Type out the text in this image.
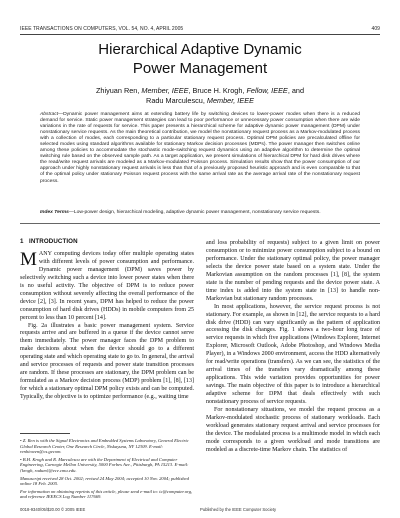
IEEE TRANSACTIONS ON COMPUTERS, VOL. 54, NO. 4, APRIL 2005	409
Hierarchical Adaptive Dynamic
Power Management
Zhiyuan Ren, Member, IEEE, Bruce H. Krogh, Fellow, IEEE, and
Radu Marculescu, Member, IEEE
Abstract—Dynamic power management aims at extending battery life by switching devices to lower-power modes when there is a reduced demand for service. Static power management strategies can lead to poor performance or unnecessary power consumption when there are wide variations in the rate of requests for service. This paper presents a hierarchical scheme for adaptive dynamic power management (DPM) under nonstationary service requests. As the main theoretical contribution, we model the nonstationary request process as a Markov-modulated process with a collection of modes, each corresponding to a particular stationary request process. Optimal DPM policies are precalculated offline for selected modes using standard algorithms available for stationary Markov decision processes (MDPs). The power manager then switches online among these policies to accommodate the stochastic mode-switching request dynamics using an adaptive algorithm to determine the optimal switching rule based on the observed sample path. As a target application, we present simulations of hierarchical DPM for hard disk drives where the read/write request arrivals are modeled as a Markov-modulated Poisson process. Simulation results show that the power consumption of our approach under highly nonstationary request arrivals is less than that of a previously proposed heuristic approach and is even comparable to that of the optimal policy under stationary Poisson request process with the same arrival rate as the average arrival rate of the nonstationary request process.
Index Terms—Low-power design, hierarchical modeling, adaptive dynamic power management, nonstationary service requests.
1 INTRODUCTION

MANY computing devices today offer multiple operating states with different levels of power consumption and performance. Dynamic power management (DPM) saves power by selectively switching such a device into lower power states when there is no useful activity. The objective of DPM is to reduce power consumption without severely affecting the overall performance of the device [2], [3]. In recent years, DPM has helped to reduce the power consumption of hard disk drives (HDDs) in mobile computers from 25 percent to less than 10 percent [14].

Fig. 2a illustrates a basic power management system. Service requests arrive and are buffered in a queue if the device cannot serve them immediately. The power manager faces the DPM problem to make decisions about when the device should go to a different operating state and which operating state to go to. In general, the arrival and service processes of requests and power state transition processes are random. If these processes are stationary, the DPM problem can be formulated as a Markov decision process (MDP) problem [1], [8], [13] for which a stationary optimal DPM policy exists and can be computed. Typically, the objective is to optimize performance (e.g., waiting time

and loss probability of requests) subject to a given limit on power consumption or to minimize power consumption subject to a bound on performance. Under the stationary optimal policy, the power manager selects the device power state based on a system state. Under the Markovian assumption on the random processes [1], [8], the system state is the number of pending requests and the device power state. A time index is added into the system state in [13] to handle non-Markovian but stationary random processes.

In most applications, however, the service request process is not stationary. For example, as shown in [12], the service requests to a hard disk drive (HDD) can vary significantly as the pattern of application accessing the disk changes. Fig. 1 shows a two-hour long trace of service requests in which five applications (Windows Explorer, Internet Explorer, Microsoft Outlook, Adobe Photoshop, and Windows Media Player), in a Windows 2000 environment, access the HDD alternatively for read/write operations (transfers). As we can see, the statistics of the arrival times of the transfers vary dramatically among these applications. This wide variation provides opportunities for power savings. The main objective of this paper is to introduce a hierarchical adaptive scheme for DPM that deals effectively with such nonstationary process of service requests.

For nonstationary situations, we model the request process as a Markov-modulated stochastic process of stationary workloads. Each workload generates stationary request arrival and service processes for the device. The modulated process is a multimode model in which each mode corresponds to a given workload and mode transitions are modeled as a discrete-time Markov chain. The statistics of

• Z. Ren is with the Signal Electronics and Embedded Systems Laboratory, General Electric Global Research Center, One Research Circle, Niskayuna, NY 12309. E-mail: renhiowen@cs.gecom.

• B.H. Krogh and R. Marculescu are with the Department of Electrical and Computer Engineering, Carnegie Mellon University, 5000 Forbes Ave., Pittsburgh, PA 15213. E-mail: {krogh, radum}@ece.cmu.edu.

Manuscript received 28 Oct. 2002; revised 24 May 2004; accepted 10 Nov. 2004; published online 18 Feb. 2005.

For information on obtaining reprints of this article, please send e-mail to: tc@computer.org, and reference IEEECS Log Number 117669.

0018-9340/05/$20.00 © 2005 IEEE	Published by the IEEE Computer Society
